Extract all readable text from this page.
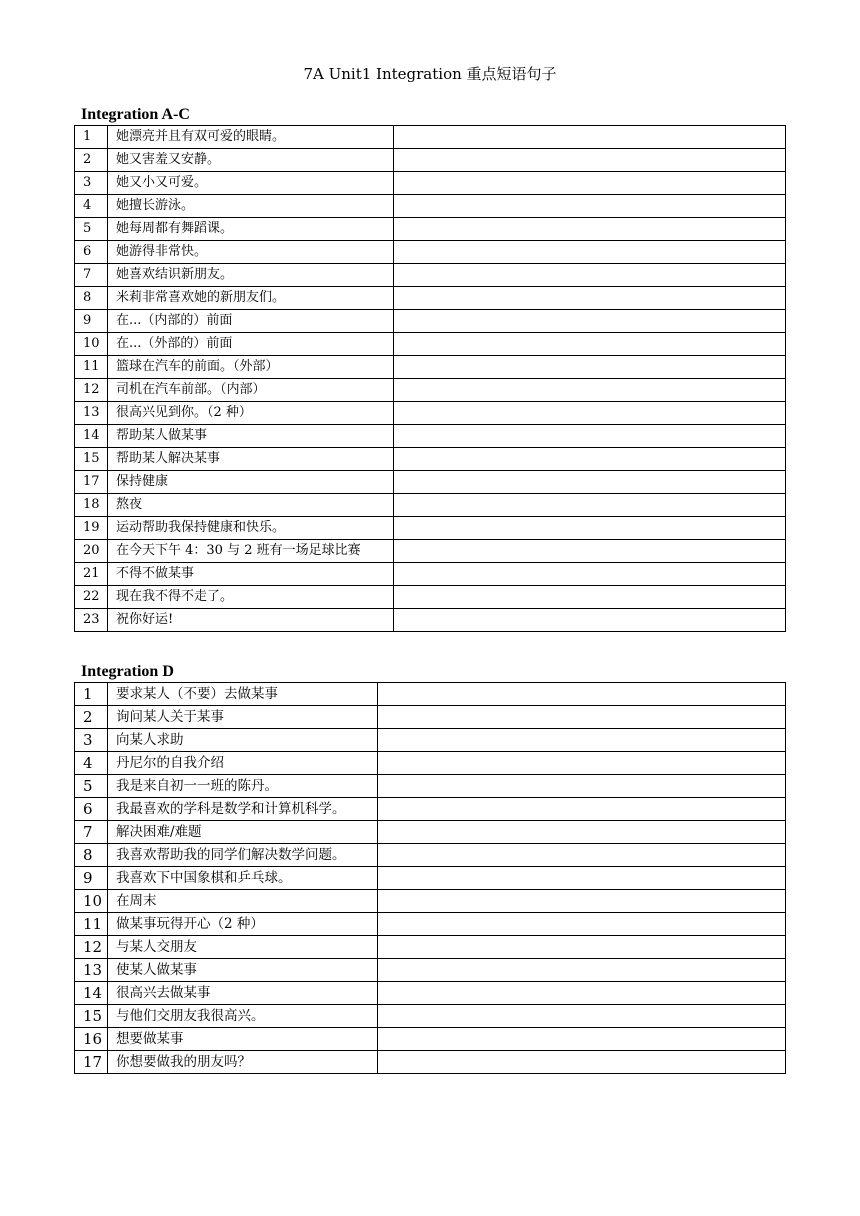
7A Unit1 Integration 重点短语句子
Integration A-C
1	她漂亮并且有双可爱的眼睛。	
2	她又害羞又安静。	
3	她又小又可爱。	
4	她擅长游泳。	
5	她每周都有舞蹈课。	
6	她游得非常快。	
7	她喜欢结识新朋友。	
8	米莉非常喜欢她的新朋友们。	
9	在...（内部的）前面	
10	在...（外部的）前面	
11	篮球在汽车的前面。（外部）	
12	司机在汽车前部。（内部）	
13	很高兴见到你。（2 种）	
14	帮助某人做某事	
15	帮助某人解决某事	
17	保持健康	
18	熬夜	
19	运动帮助我保持健康和快乐。	
20	在今天下午 4：30 与 2 班有一场足球比赛	
21	不得不做某事	
22	现在我不得不走了。	
23	祝你好运!	
Integration D
1	要求某人（不要）去做某事	
2	询问某人关于某事	
3	向某人求助	
4	丹尼尔的自我介绍	
5	我是来自初一一班的陈丹。	
6	我最喜欢的学科是数学和计算机科学。	
7	解决困难/难题	
8	我喜欢帮助我的同学们解决数学问题。	
9	我喜欢下中国象棋和乒乓球。	
10	在周末	
11	做某事玩得开心（2 种）	
12	与某人交朋友	
13	使某人做某事	
14	很高兴去做某事	
15	与他们交朋友我很高兴。	
16	想要做某事	
17	你想要做我的朋友吗？	
